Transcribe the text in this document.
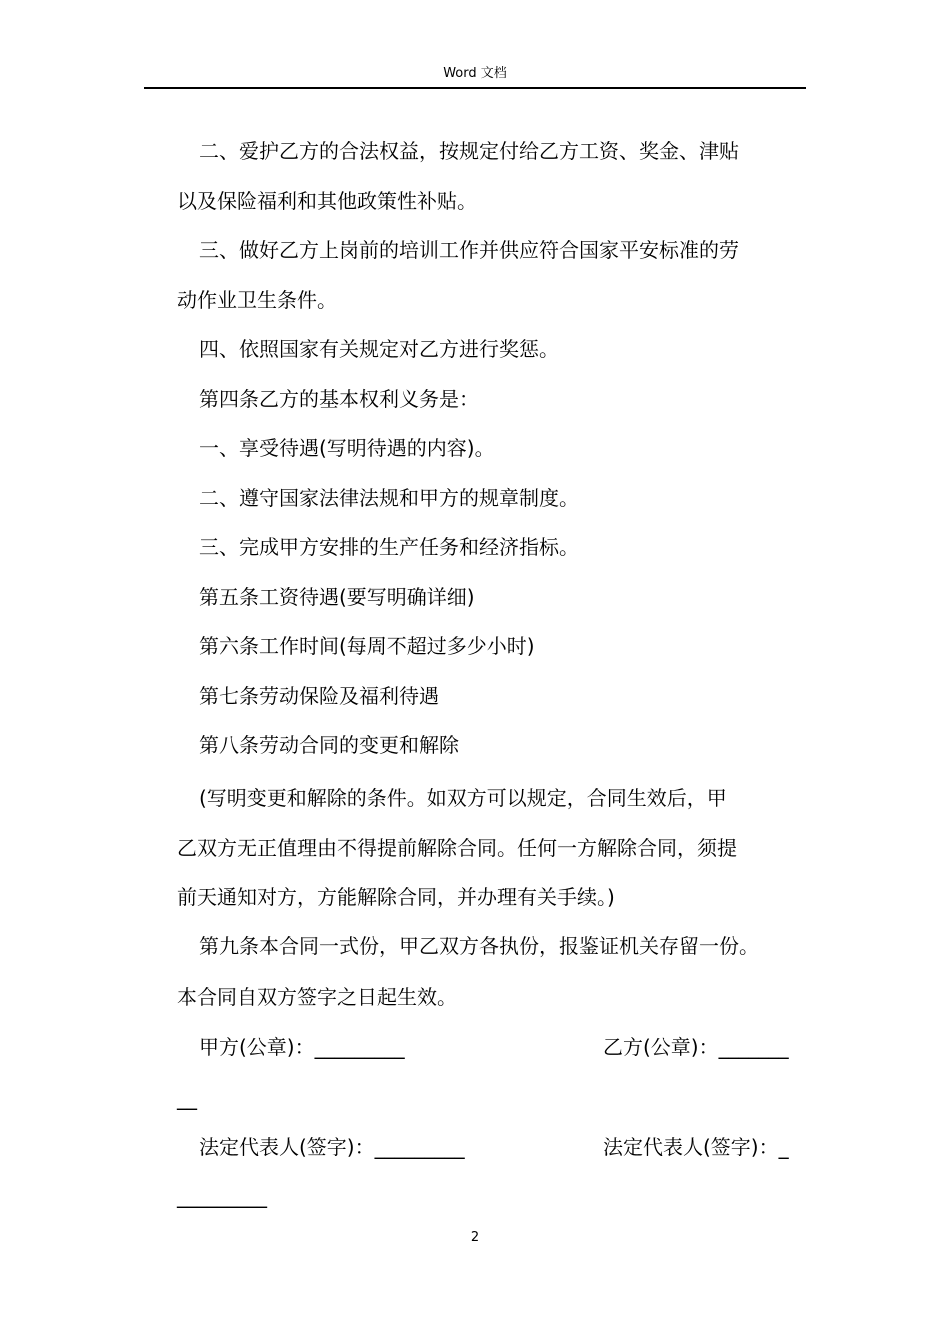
Word 文档
二、爱护乙方的合法权益，按规定付给乙方工资、奖金、津贴
以及保险福利和其他政策性补贴。
三、做好乙方上岗前的培训工作并供应符合国家平安标准的劳
动作业卫生条件。
四、依照国家有关规定对乙方进行奖惩。
第四条乙方的基本权利义务是：
一、享受待遇(写明待遇的内容)。
二、遵守国家法律法规和甲方的规章制度。
三、完成甲方安排的生产任务和经济指标。
第五条工资待遇(要写明确详细)
第六条工作时间(每周不超过多少小时)
第七条劳动保险及福利待遇
第八条劳动合同的变更和解除
(写明变更和解除的条件。如双方可以规定，合同生效后，甲
乙双方无正值理由不得提前解除合同。任何一方解除合同，须提
前天通知对方，方能解除合同，并办理有关手续。)
第九条本合同一式份，甲乙双方各执份，报鉴证机关存留一份。
本合同自双方签字之日起生效。
甲方(公章)：_________	乙方(公章)：_______
__
法定代表人(签字)：_________	法定代表人(签字)：_
_________
2
